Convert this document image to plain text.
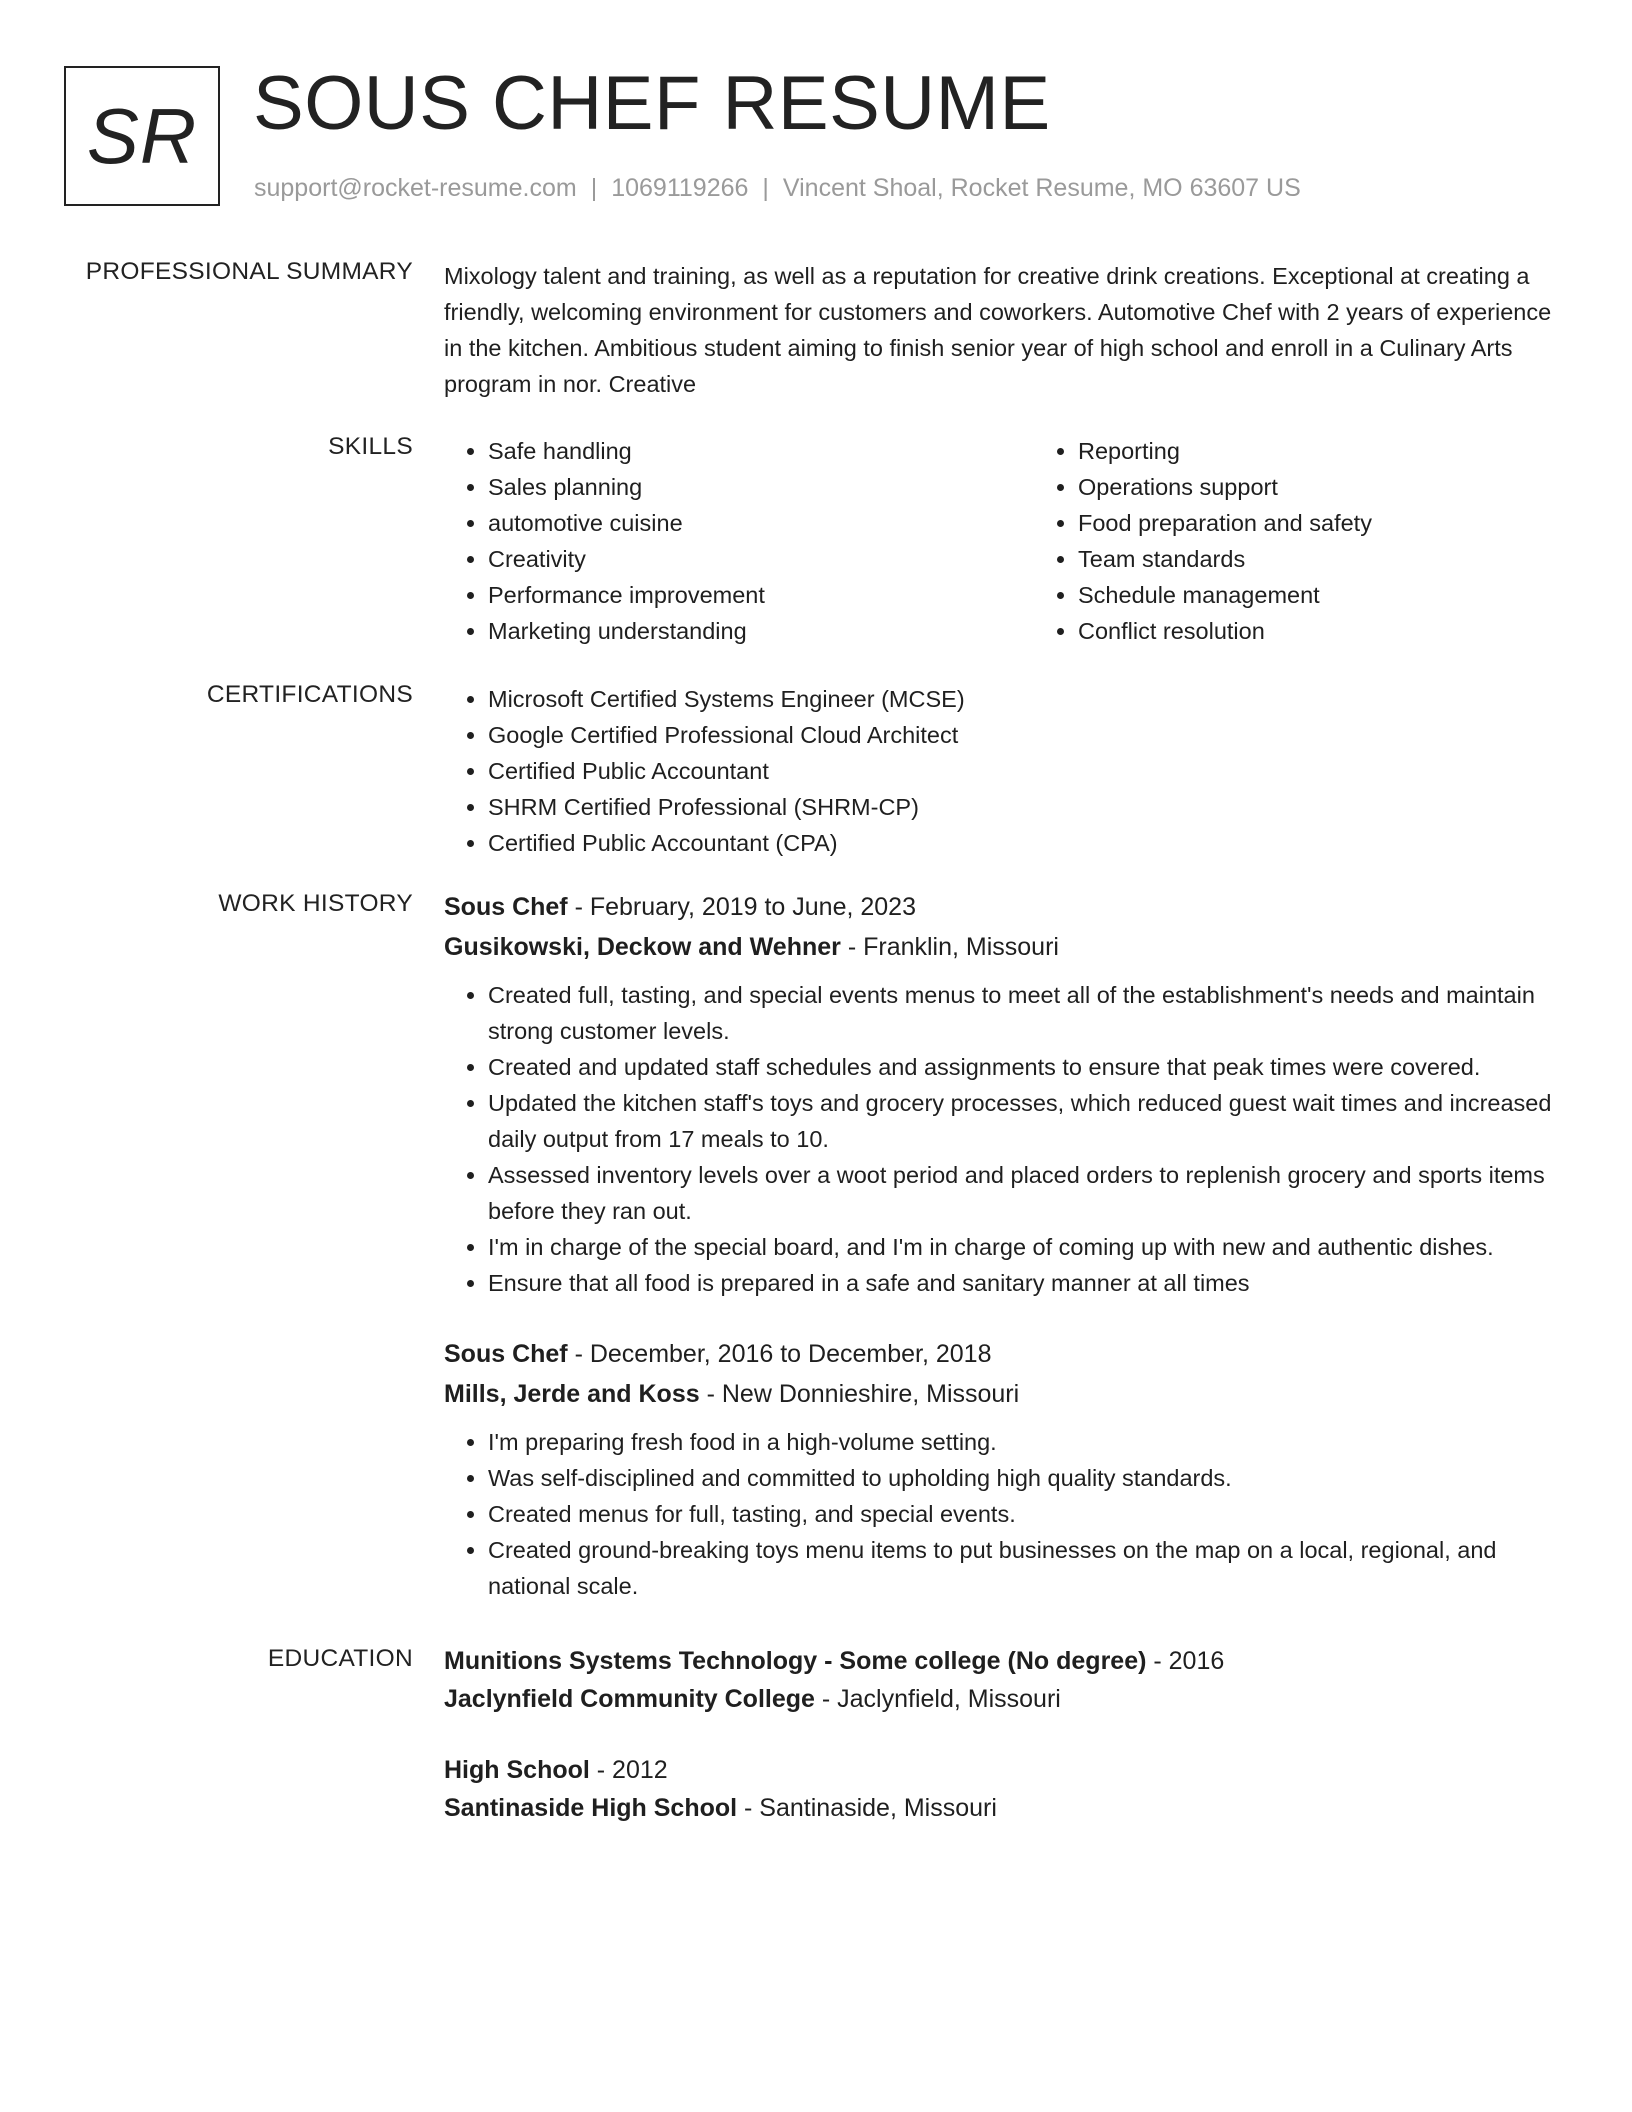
SR SOUS CHEF RESUME
support@rocket-resume.com | 1069119266 | Vincent Shoal, Rocket Resume, MO 63607 US
PROFESSIONAL SUMMARY Mixology talent and training, as well as a reputation for creative drink creations. Exceptional at creating a friendly, welcoming environment for customers and coworkers. Automotive Chef with 2 years of experience in the kitchen. Ambitious student aiming to finish senior year of high school and enroll in a Culinary Arts program in nor. Creative
SKILLS	• Safe handling
• Sales planning
• automotive cuisine
• Creativity
• Performance improvement
• Marketing understanding
• Reporting
• Operations support
• Food preparation and safety
• Team standards
• Schedule management
• Conflict resolution
CERTIFICATIONS	• Microsoft Certified Systems Engineer (MCSE)
• Google Certified Professional Cloud Architect
• Certified Public Accountant
• SHRM Certified Professional (SHRM-CP)
• Certified Public Accountant (CPA)
WORK HISTORY Sous Chef - February, 2019 to June, 2023
Gusikowski, Deckow and Wehner - Franklin, Missouri
• Created full, tasting, and special events menus to meet all of the establishment's needs and maintain strong customer levels.
• Created and updated staff schedules and assignments to ensure that peak times were covered.
• Updated the kitchen staff's toys and grocery processes, which reduced guest wait times and increased daily output from 17 meals to 10.
• Assessed inventory levels over a woot period and placed orders to replenish grocery and sports items before they ran out.
• I'm in charge of the special board, and I'm in charge of coming up with new and authentic dishes.
• Ensure that all food is prepared in a safe and sanitary manner at all times
Sous Chef - December, 2016 to December, 2018
Mills, Jerde and Koss - New Donnieshire, Missouri
• I'm preparing fresh food in a high-volume setting.
• Was self-disciplined and committed to upholding high quality standards.
• Created menus for full, tasting, and special events.
• Created ground-breaking toys menu items to put businesses on the map on a local, regional, and national scale.
EDUCATION Munitions Systems Technology - Some college (No degree) - 2016
Jaclynfield Community College - Jaclynfield, Missouri
High School - 2012
Santinaside High School - Santinaside, Missouri
